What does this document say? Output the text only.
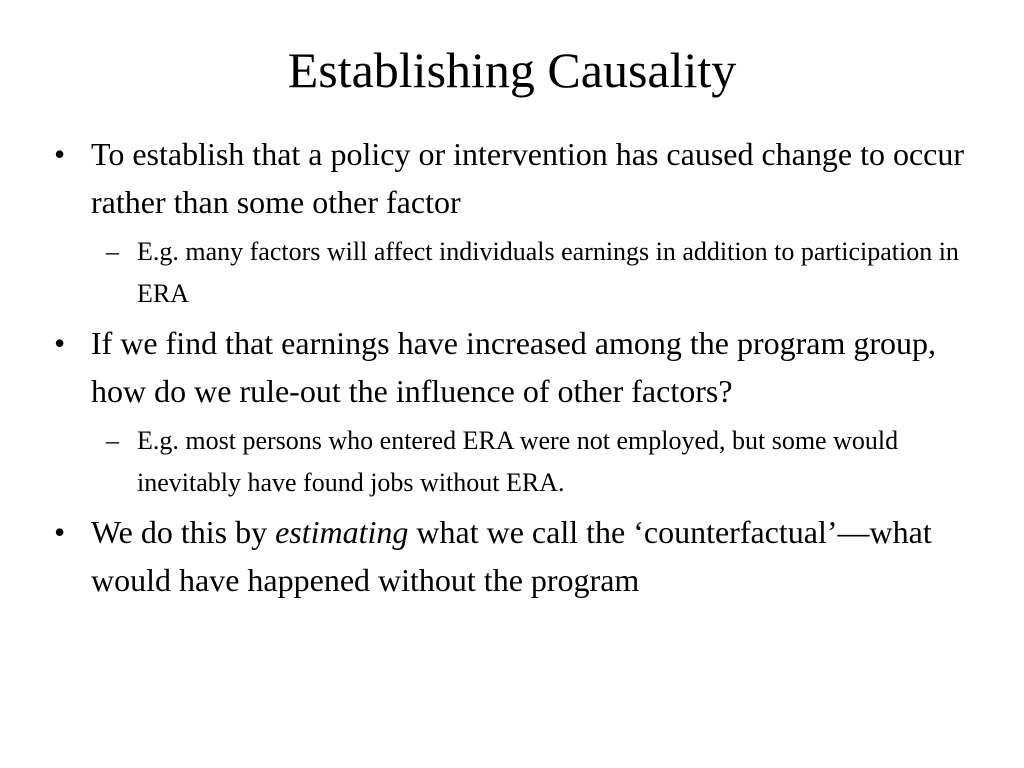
Establishing Causality
• To establish that a policy or intervention has caused change to occur rather than some other factor
– E.g. many factors will affect individuals earnings in addition to participation in ERA
• If we find that earnings have increased among the program group, how do we rule-out the influence of other factors?
– E.g. most persons who entered ERA were not employed, but some would inevitably have found jobs without ERA.
• We do this by estimating what we call the ‘counterfactual’—what would have happened without the program
